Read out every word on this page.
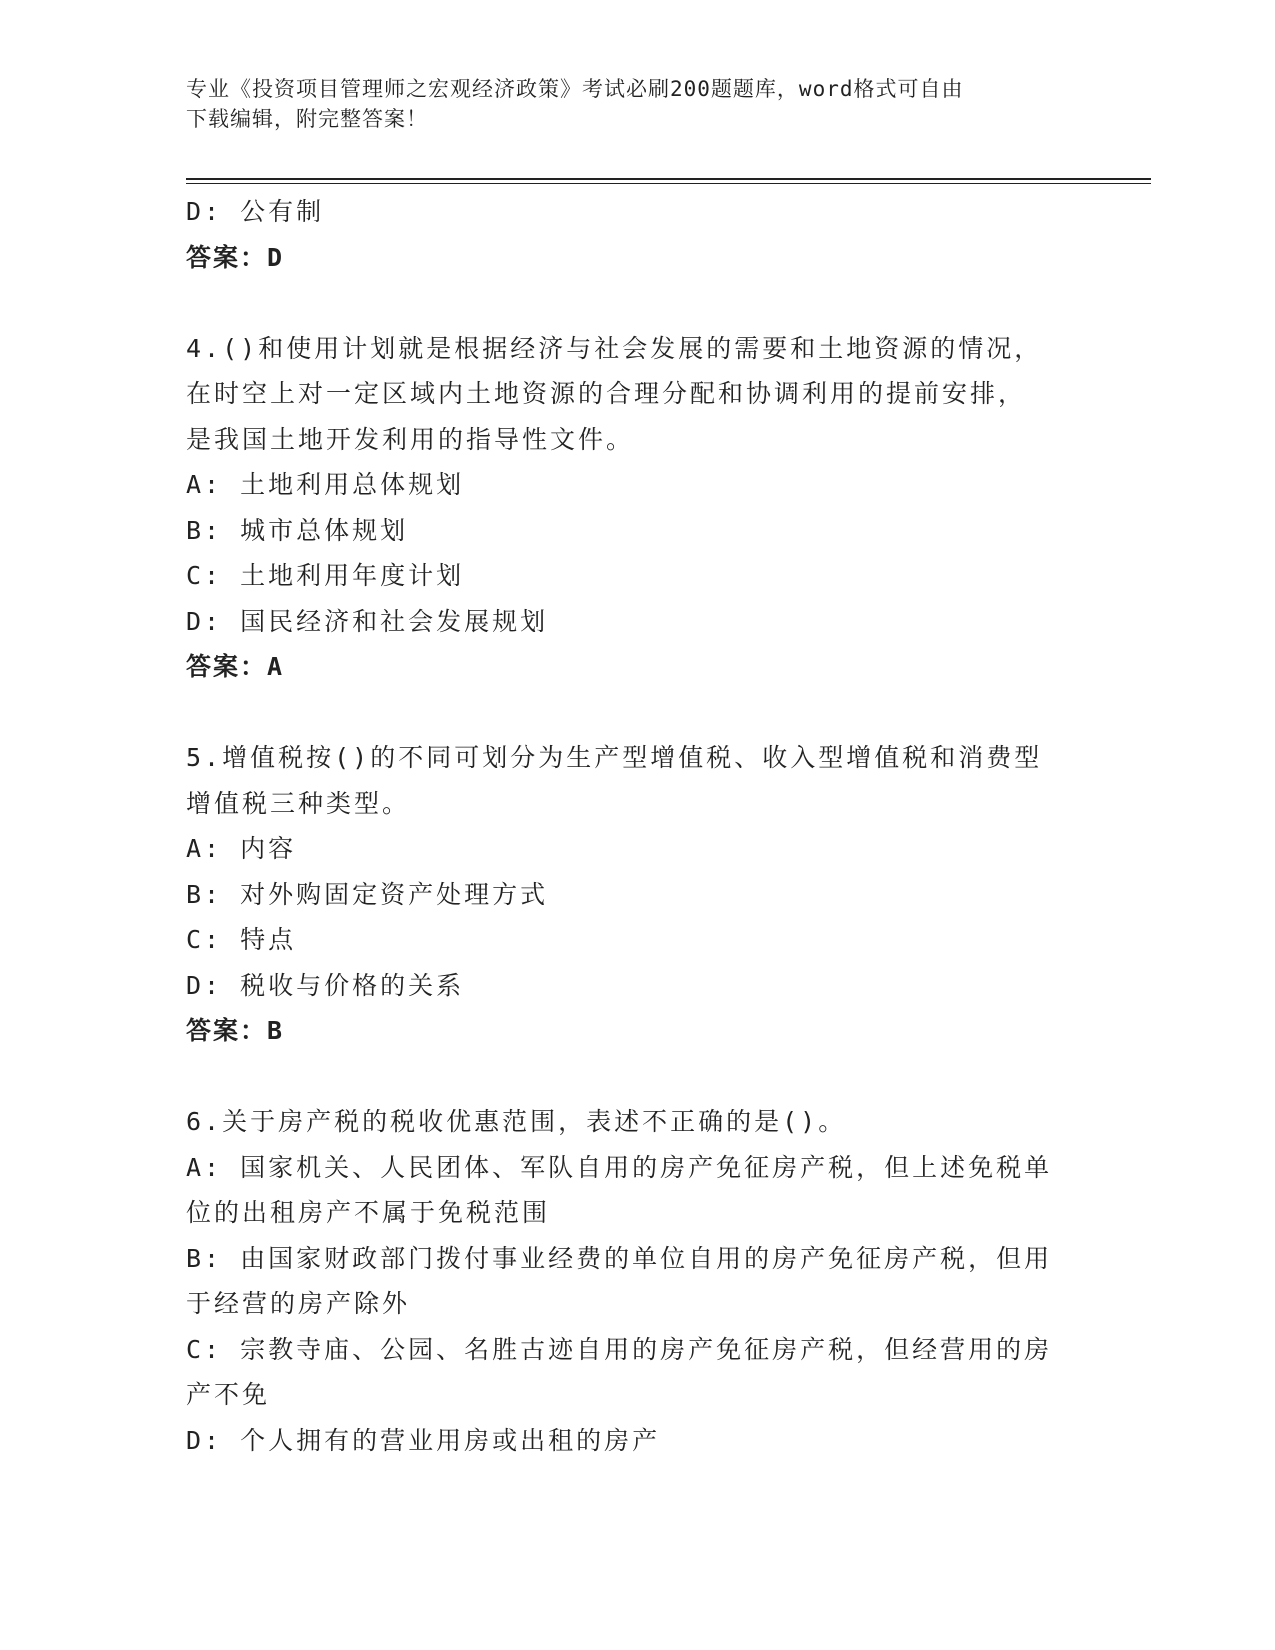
专业《投资项目管理师之宏观经济政策》考试必刷200题题库，word格式可自由
下载编辑，附完整答案！
D: 公有制
答案：D
4.()和使用计划就是根据经济与社会发展的需要和土地资源的情况，
在时空上对一定区域内土地资源的合理分配和协调利用的提前安排，
是我国土地开发利用的指导性文件。
A: 土地利用总体规划
B: 城市总体规划
C: 土地利用年度计划
D: 国民经济和社会发展规划
答案：A
5.增值税按()的不同可划分为生产型增值税、收入型增值税和消费型
增值税三种类型。
A: 内容
B: 对外购固定资产处理方式
C: 特点
D: 税收与价格的关系
答案：B
6.关于房产税的税收优惠范围，表述不正确的是()。
A: 国家机关、人民团体、军队自用的房产免征房产税，但上述免税单
位的出租房产不属于免税范围
B: 由国家财政部门拨付事业经费的单位自用的房产免征房产税，但用
于经营的房产除外
C: 宗教寺庙、公园、名胜古迹自用的房产免征房产税，但经营用的房
产不免
D: 个人拥有的营业用房或出租的房产
